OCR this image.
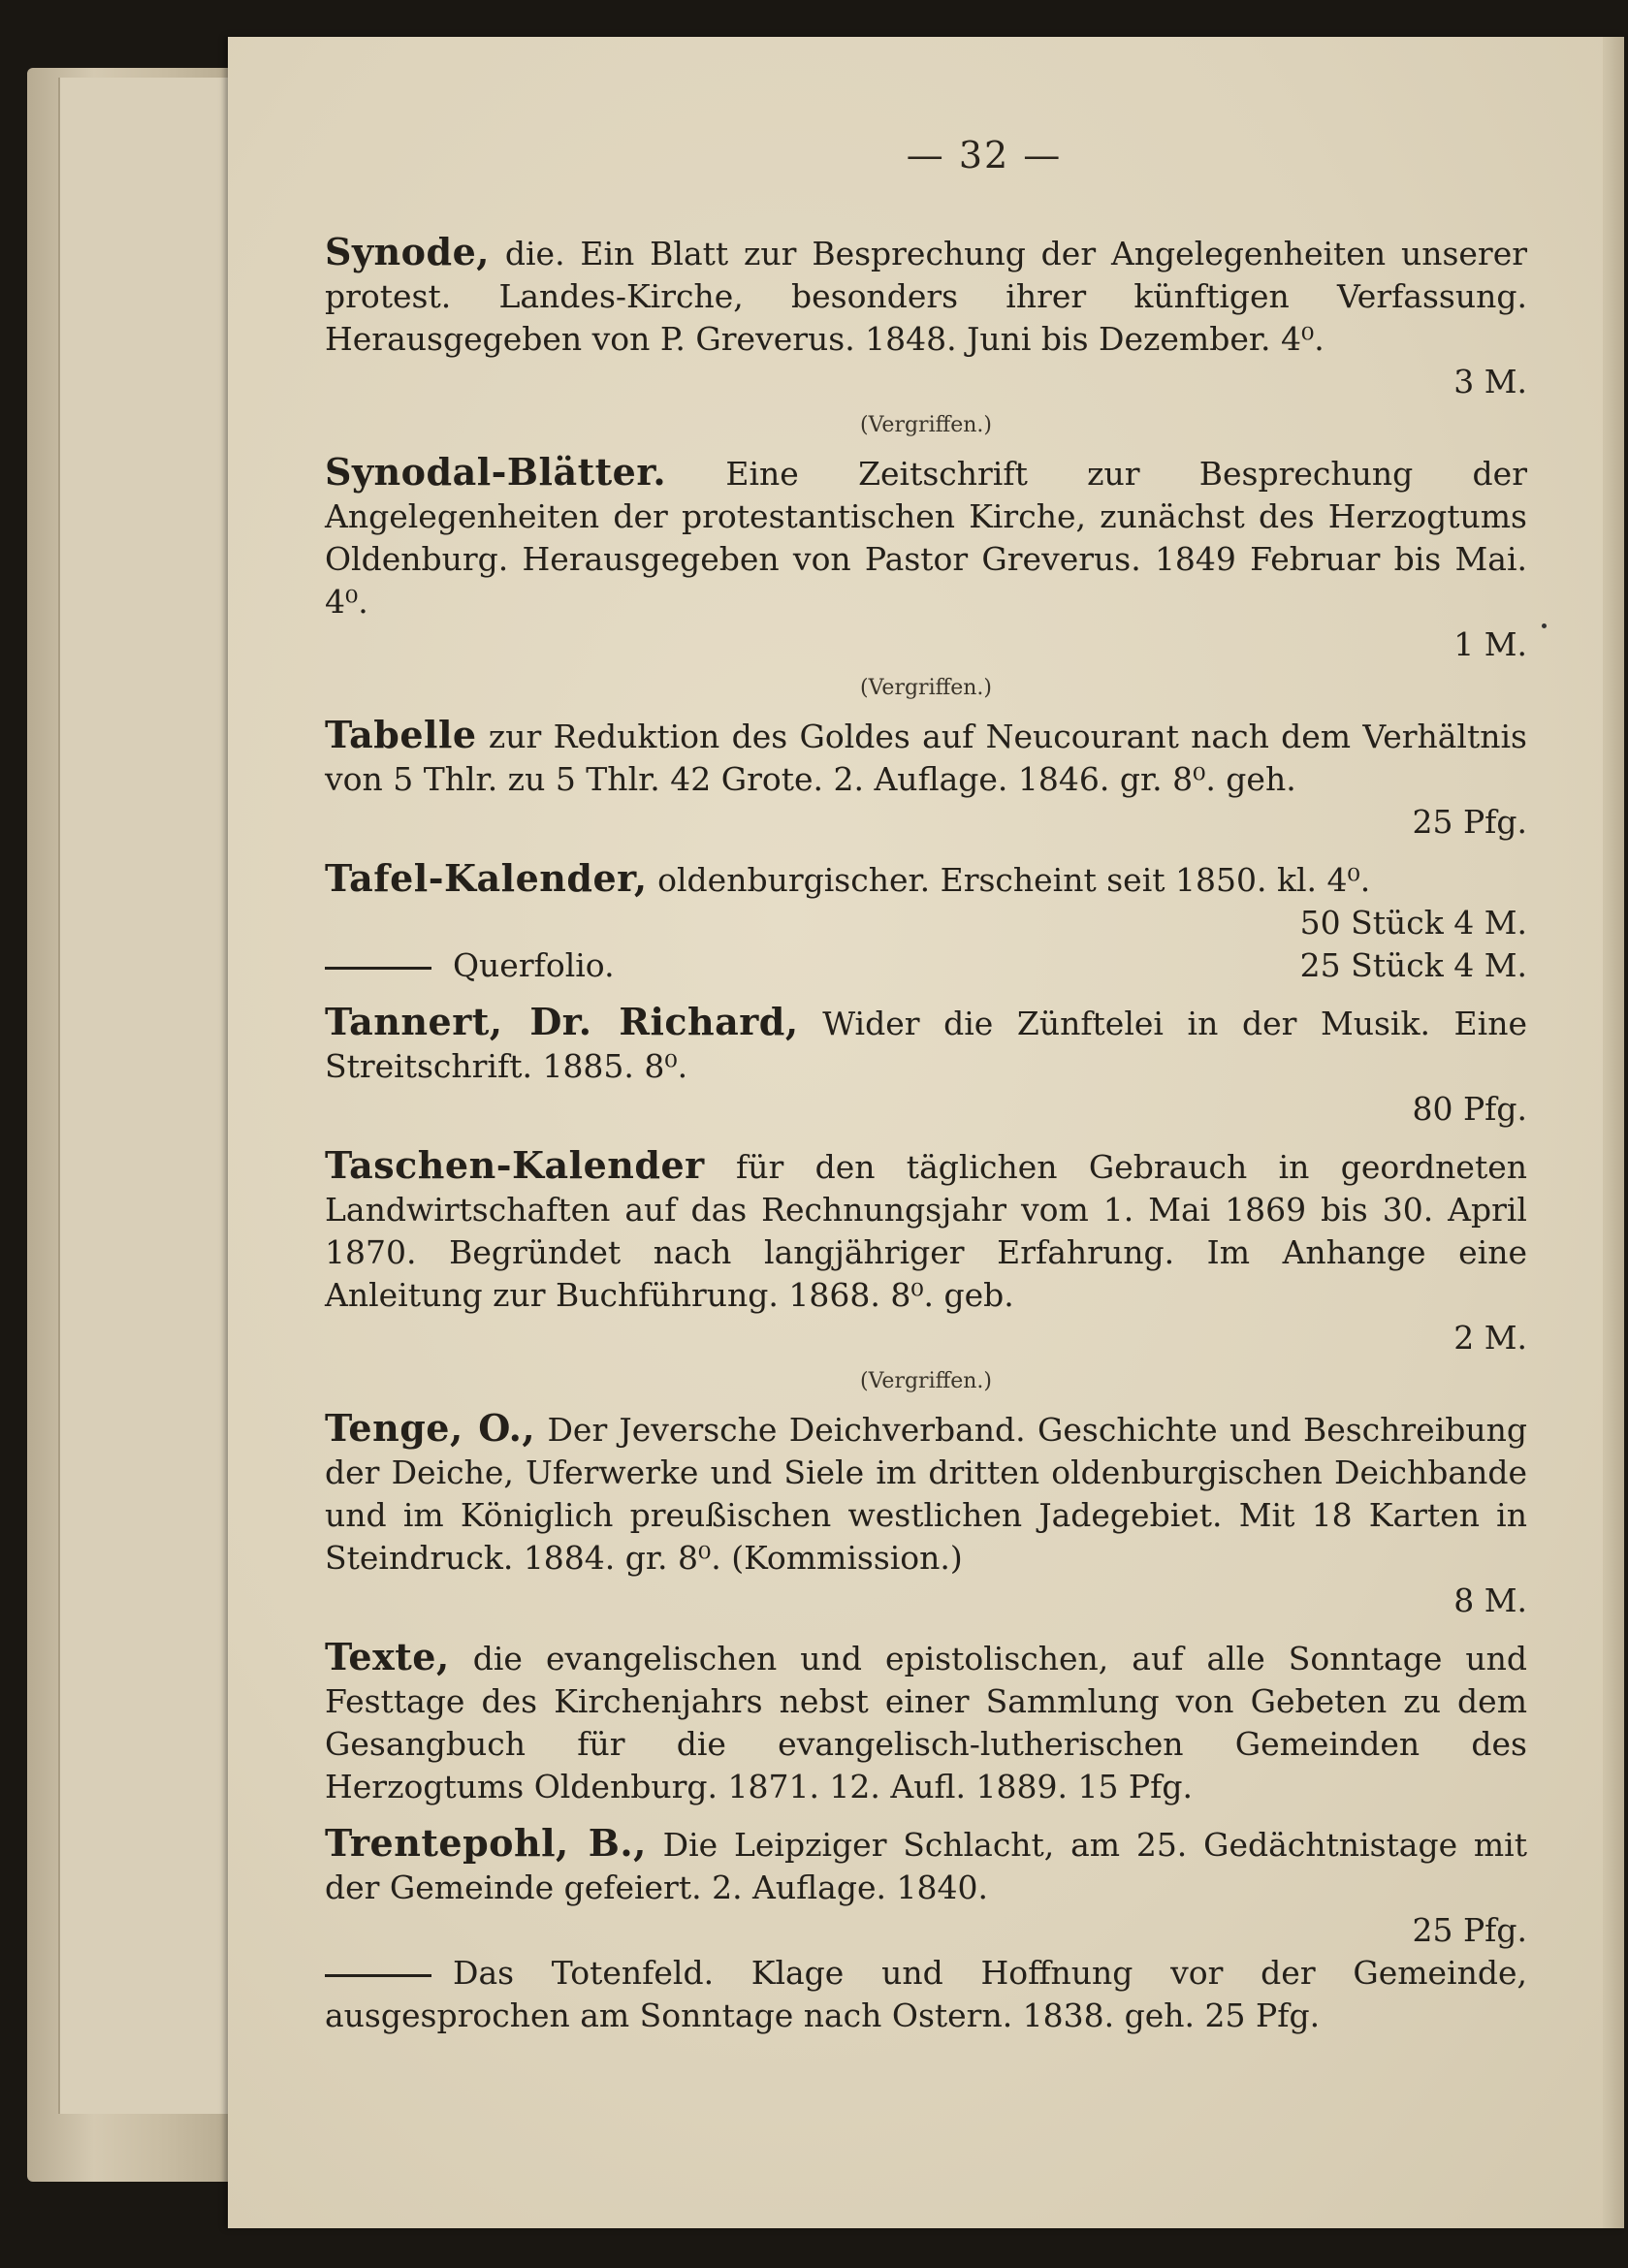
— 32 —
Synode, die. Ein Blatt zur Besprechung der Angelegenheiten unserer protest. Landes-Kirche, besonders ihrer künftigen Verfassung. Herausgegeben von P. Greverus. 1848. Juni bis Dezember. 4⁰.
3 M.
(Vergriffen.)
Synodal-Blätter. Eine Zeitschrift zur Besprechung der Angelegenheiten der protestantischen Kirche, zunächst des Herzogtums Oldenburg. Herausgegeben von Pastor Greverus. 1849 Februar bis Mai. 4⁰.
1 M.
(Vergriffen.)
Tabelle zur Reduktion des Goldes auf Neucourant nach dem Verhältnis von 5 Thlr. zu 5 Thlr. 42 Grote. 2. Auflage. 1846. gr. 8⁰. geh.
25 Pfg.
Tafel-Kalender, oldenburgischer. Erscheint seit 1850. kl. 4⁰.
50 Stück 4 M.
Querfolio.	25 Stück 4 M.
Tannert, Dr. Richard, Wider die Zünftelei in der Musik. Eine Streitschrift. 1885. 8⁰.
80 Pfg.
Taschen-Kalender für den täglichen Gebrauch in geordneten Landwirtschaften auf das Rechnungsjahr vom 1. Mai 1869 bis 30. April 1870. Begründet nach langjähriger Erfahrung. Im Anhange eine Anleitung zur Buchführung. 1868. 8⁰. geb.
2 M.
(Vergriffen.)
Tenge, O., Der Jeversche Deichverband. Geschichte und Beschreibung der Deiche, Uferwerke und Siele im dritten oldenburgischen Deichbande und im Königlich preußischen westlichen Jadegebiet. Mit 18 Karten in Steindruck. 1884. gr. 8⁰. (Kommission.)
8 M.
Texte, die evangelischen und epistolischen, auf alle Sonntage und Festtage des Kirchenjahrs nebst einer Sammlung von Gebeten zu dem Gesangbuch für die evangelisch-lutherischen Gemeinden des Herzogtums Oldenburg. 1871. 12. Aufl. 1889. 15 Pfg.
Trentepohl, B., Die Leipziger Schlacht, am 25. Gedächtnistage mit der Gemeinde gefeiert. 2. Auflage. 1840.
25 Pfg.
Das Totenfeld. Klage und Hoffnung vor der Gemeinde, ausgesprochen am Sonntage nach Ostern. 1838. geh. 25 Pfg.
